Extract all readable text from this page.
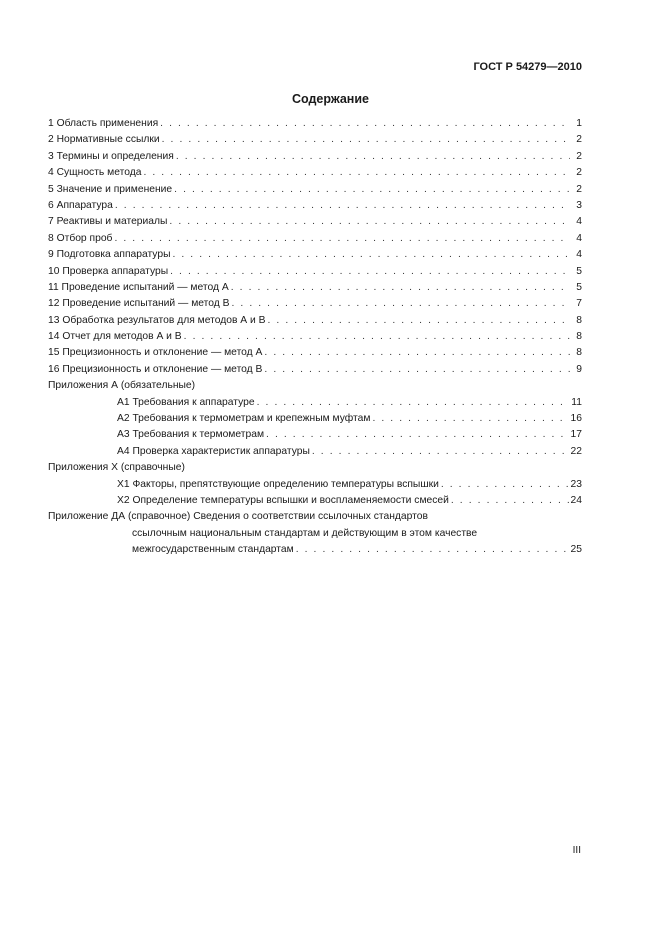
ГОСТ Р 54279—2010
Содержание
1 Область применения . . .	1
2 Нормативные ссылки . . .	2
3 Термины и определения . . .	2
4 Сущность метода . . .	2
5 Значение и применение . . .	2
6 Аппаратура . . .	3
7 Реактивы и материалы . . .	4
8 Отбор проб . . .	4
9 Подготовка аппаратуры . . .	4
10 Проверка аппаратуры . . .	5
11 Проведение испытаний — метод А . . .	5
12 Проведение испытаний — метод В . . .	7
13 Обработка результатов для методов А и В . . .	8
14 Отчет для методов А и В . . .	8
15 Прецизионность и отклонение — метод А . . .	8
16 Прецизионность и отклонение — метод В . . .	9
Приложения А (обязательные)
А1 Требования к аппаратуре . . .	11
А2 Требования к термометрам и крепежным муфтам . . .	16
А3 Требования к термометрам . . .	17
А4 Проверка характеристик аппаратуры . . .	22
Приложения Х (справочные)
Х1 Факторы, препятствующие определению температуры вспышки . . .	23
Х2 Определение температуры вспышки и воспламеняемости смесей . . .	24
Приложение ДА (справочное) Сведения о соответствии ссылочных стандартов
ссылочным национальным стандартам и действующим в этом качестве
межгосударственным стандартам . . .	25
III
